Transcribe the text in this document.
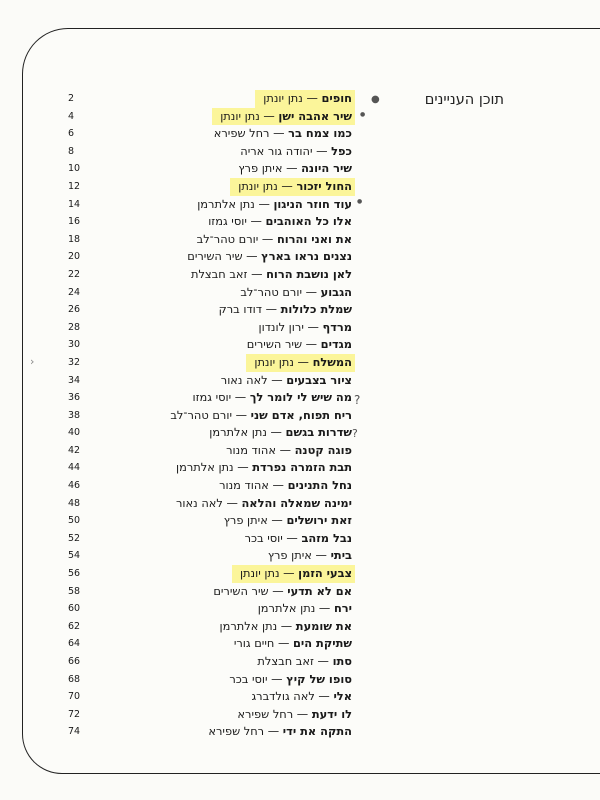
תוכן העניינים
2	חופים — נתן יונתן
4	שיר אהבה ישן — נתן יונתן
6	כמו צמח בר — רחל שפירא
8	כפל — יהודה גור אריה
10	שיר היונה — איתן פרץ
12	החול יזכור — נתן יונתן
14	עוד חוזר הניגון — נתן אלתרמן
16	אלו כל האוהבים — יוסי גמזו
18	את ואני והרוח — יורם טהר־לב
20	נצנים נראו בארץ — שיר השירים
22	לאן נושבת הרוח — זאב חבצלת
24	הגבוע — יורם טהר־לב
26	שמלת כלולות — דודו ברק
28	מרדף — ירון לונדון
30	מגדים — שיר השירים
32	המשלח — נתן יונתן
34	ציור בצבעים — לאה נאור
36	מה שיש לי לומר לך — יוסי גמזו
38	ריח תפוח, אדם שני — יורם טהר־לב
40	שדרות בגשם — נתן אלתרמן
42	פוגה קטנה — אהוד מנור
44	תבת הזמרה נפרדת — נתן אלתרמן
46	נחל התנינים — אהוד מנור
48	ימינה שמאלה והלאה — לאה נאור
50	זאת ירושלים — איתן פרץ
52	נבל מזהב — יוסי בכר
54	ביתי — איתן פרץ
56	צבעי הזמן — נתן יונתן
58	אם לא תדעי — שיר השירים
60	ירח — נתן אלתרמן
62	את שומעת — נתן אלתרמן
64	שתיקת הים — חיים גורי
66	סתו — זאב חבצלת
68	סופו של קיץ — יוסי בכר
70	אלי — לאה גולדברג
72	לו ידעת — רחל שפירא
74	התקה את ידי — רחל שפירא
●
●
●
?
?
›
